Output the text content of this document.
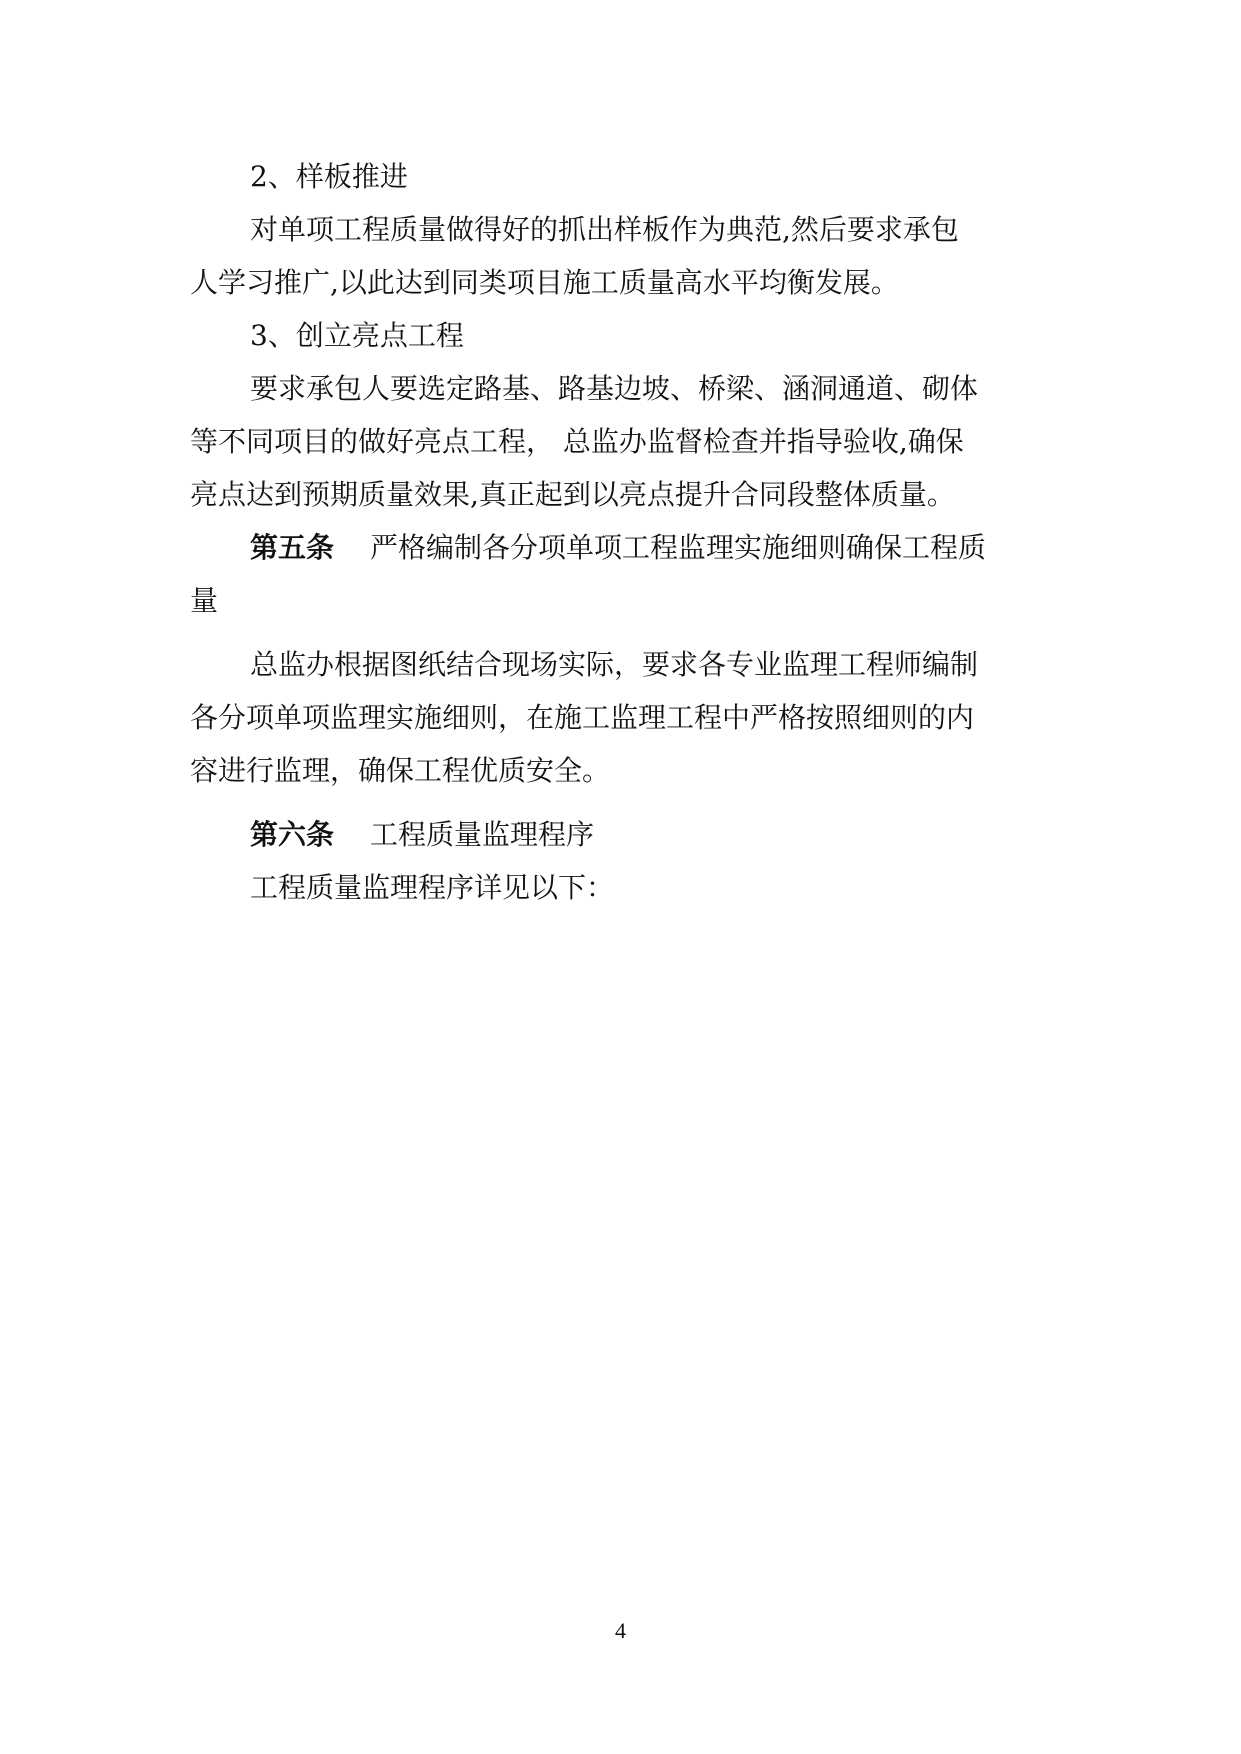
2、样板推进
对单项工程质量做得好的抓出样板作为典范,然后要求承包
人学习推广,以此达到同类项目施工质量高水平均衡发展。
3、创立亮点工程
要求承包人要选定路基、路基边坡、桥梁、涵洞通道、砌体
等不同项目的做好亮点工程， 总监办监督检查并指导验收,确保
亮点达到预期质量效果,真正起到以亮点提升合同段整体质量。
第五条 严格编制各分项单项工程监理实施细则确保工程质
量
总监办根据图纸结合现场实际，要求各专业监理工程师编制
各分项单项监理实施细则，在施工监理工程中严格按照细则的内
容进行监理，确保工程优质安全。
第六条 工程质量监理程序
工程质量监理程序详见以下：
4
